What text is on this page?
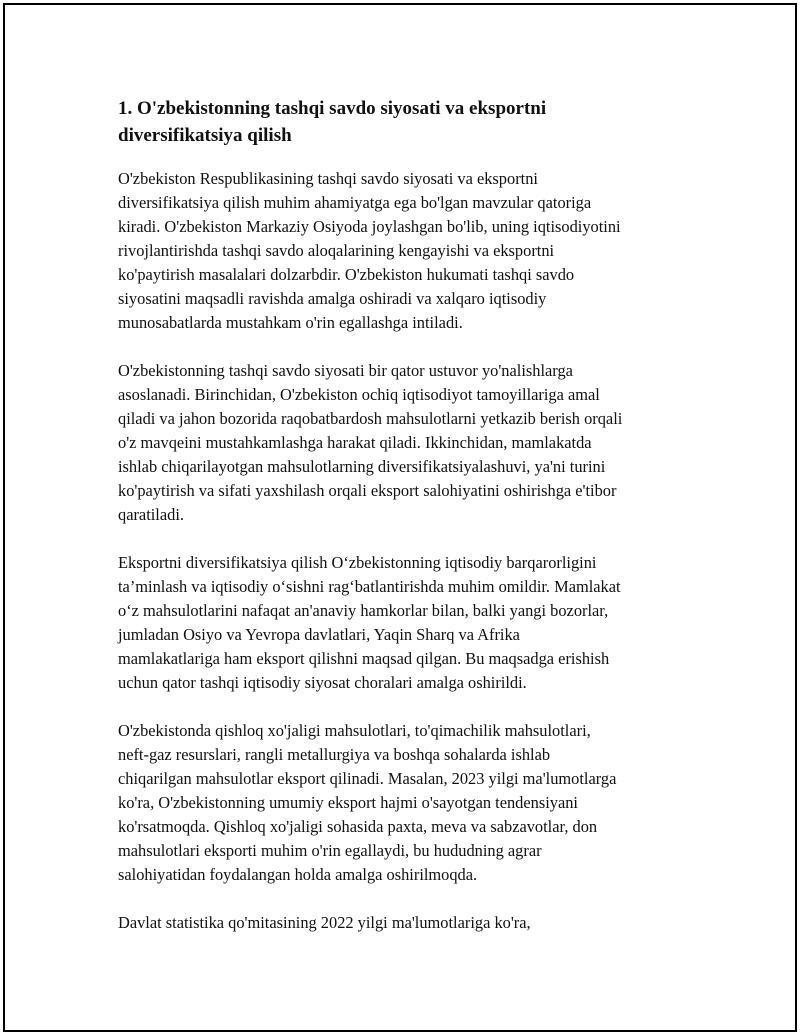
1. O'zbekistonning tashqi savdo siyosati va eksportni
diversifikatsiya qilish

O'zbekiston Respublikasining tashqi savdo siyosati va eksportni
diversifikatsiya qilish muhim ahamiyatga ega bo'lgan mavzular qatoriga
kiradi. O'zbekiston Markaziy Osiyoda joylashgan bo'lib, uning iqtisodiyotini
rivojlantirishda tashqi savdo aloqalarining kengayishi va eksportni
ko'paytirish masalalari dolzarbdir. O'zbekiston hukumati tashqi savdo
siyosatini maqsadli ravishda amalga oshiradi va xalqaro iqtisodiy
munosabatlarda mustahkam o'rin egallashga intiladi.

O'zbekistonning tashqi savdo siyosati bir qator ustuvor yo'nalishlarga
asoslanadi. Birinchidan, O'zbekiston ochiq iqtisodiyot tamoyillariga amal
qiladi va jahon bozorida raqobatbardosh mahsulotlarni yetkazib berish orqali
o'z mavqeini mustahkamlashga harakat qiladi. Ikkinchidan, mamlakatda
ishlab chiqarilayotgan mahsulotlarning diversifikatsiyalashuvi, ya'ni turini
ko'paytirish va sifati yaxshilash orqali eksport salohiyatini oshirishga e'tibor
qaratiladi.

Eksportni diversifikatsiya qilish O‘zbekistonning iqtisodiy barqarorligini
ta’minlash va iqtisodiy o‘sishni rag‘batlantirishda muhim omildir. Mamlakat
o‘z mahsulotlarini nafaqat an'anaviy hamkorlar bilan, balki yangi bozorlar,
jumladan Osiyo va Yevropa davlatlari, Yaqin Sharq va Afrika
mamlakatlariga ham eksport qilishni maqsad qilgan. Bu maqsadga erishish
uchun qator tashqi iqtisodiy siyosat choralari amalga oshirildi.

O'zbekistonda qishloq xo'jaligi mahsulotlari, to'qimachilik mahsulotlari,
neft-gaz resurslari, rangli metallurgiya va boshqa sohalarda ishlab
chiqarilgan mahsulotlar eksport qilinadi. Masalan, 2023 yilgi ma'lumotlarga
ko'ra, O'zbekistonning umumiy eksport hajmi o'sayotgan tendensiyani
ko'rsatmoqda. Qishloq xo'jaligi sohasida paxta, meva va sabzavotlar, don
mahsulotlari eksporti muhim o'rin egallaydi, bu hududning agrar
salohiyatidan foydalangan holda amalga oshirilmoqda.

Davlat statistika qo'mitasining 2022 yilgi ma'lumotlariga ko'ra,
